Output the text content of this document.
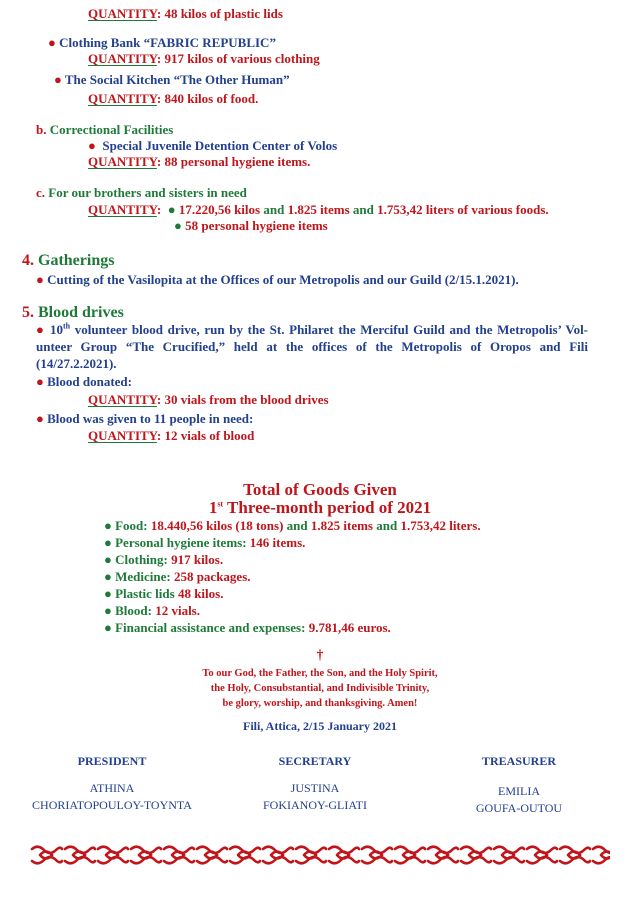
QUANTITY: 48 kilos of plastic lids
● Clothing Bank “FABRIC REPUBLIC”
QUANTITY: 917 kilos of various clothing
● The Social Kitchen “The Other Human”
QUANTITY: 840 kilos of food.
b. Correctional Facilities
● Special Juvenile Detention Center of Volos
QUANTITY: 88 personal hygiene items.
c. For our brothers and sisters in need
QUANTITY: ● 17.220,56 kilos and 1.825 items and 1.753,42 liters of various foods.
● 58 personal hygiene items
4. Gatherings
● Cutting of the Vasilopita at the Offices of our Metropolis and our Guild (2/15.1.2021).
5. Blood drives
● 10th volunteer blood drive, run by the St. Philaret the Merciful Guild and the Metropolis’ Vol-unteer Group “The Crucified,” held at the offices of the Metropolis of Oropos and Fili (14/27.2.2021).
● Blood donated:
QUANTITY: 30 vials from the blood drives
● Blood was given to 11 people in need:
QUANTITY: 12 vials of blood
Total of Goods Given
1st Three-month period of 2021
● Food: 18.440,56 kilos (18 tons) and 1.825 items and 1.753,42 liters.
● Personal hygiene items: 146 items.
● Clothing: 917 kilos.
● Medicine: 258 packages.
● Plastic lids 48 kilos.
● Blood: 12 vials.
● Financial assistance and expenses: 9.781,46 euros.
†
To our God, the Father, the Son, and the Holy Spirit,
the Holy, Consubstantial, and Indivisible Trinity,
be glory, worship, and thanksgiving. Amen!
Fili, Attica, 2/15 January 2021
PRESIDENT
ATHINA
CHORIATOPOULOY-TOYNTA
SECRETARY
JUSTINA
FOKIANOY-GLIATI
TREASURER
EMILIA
GOUFA-OUTOU
